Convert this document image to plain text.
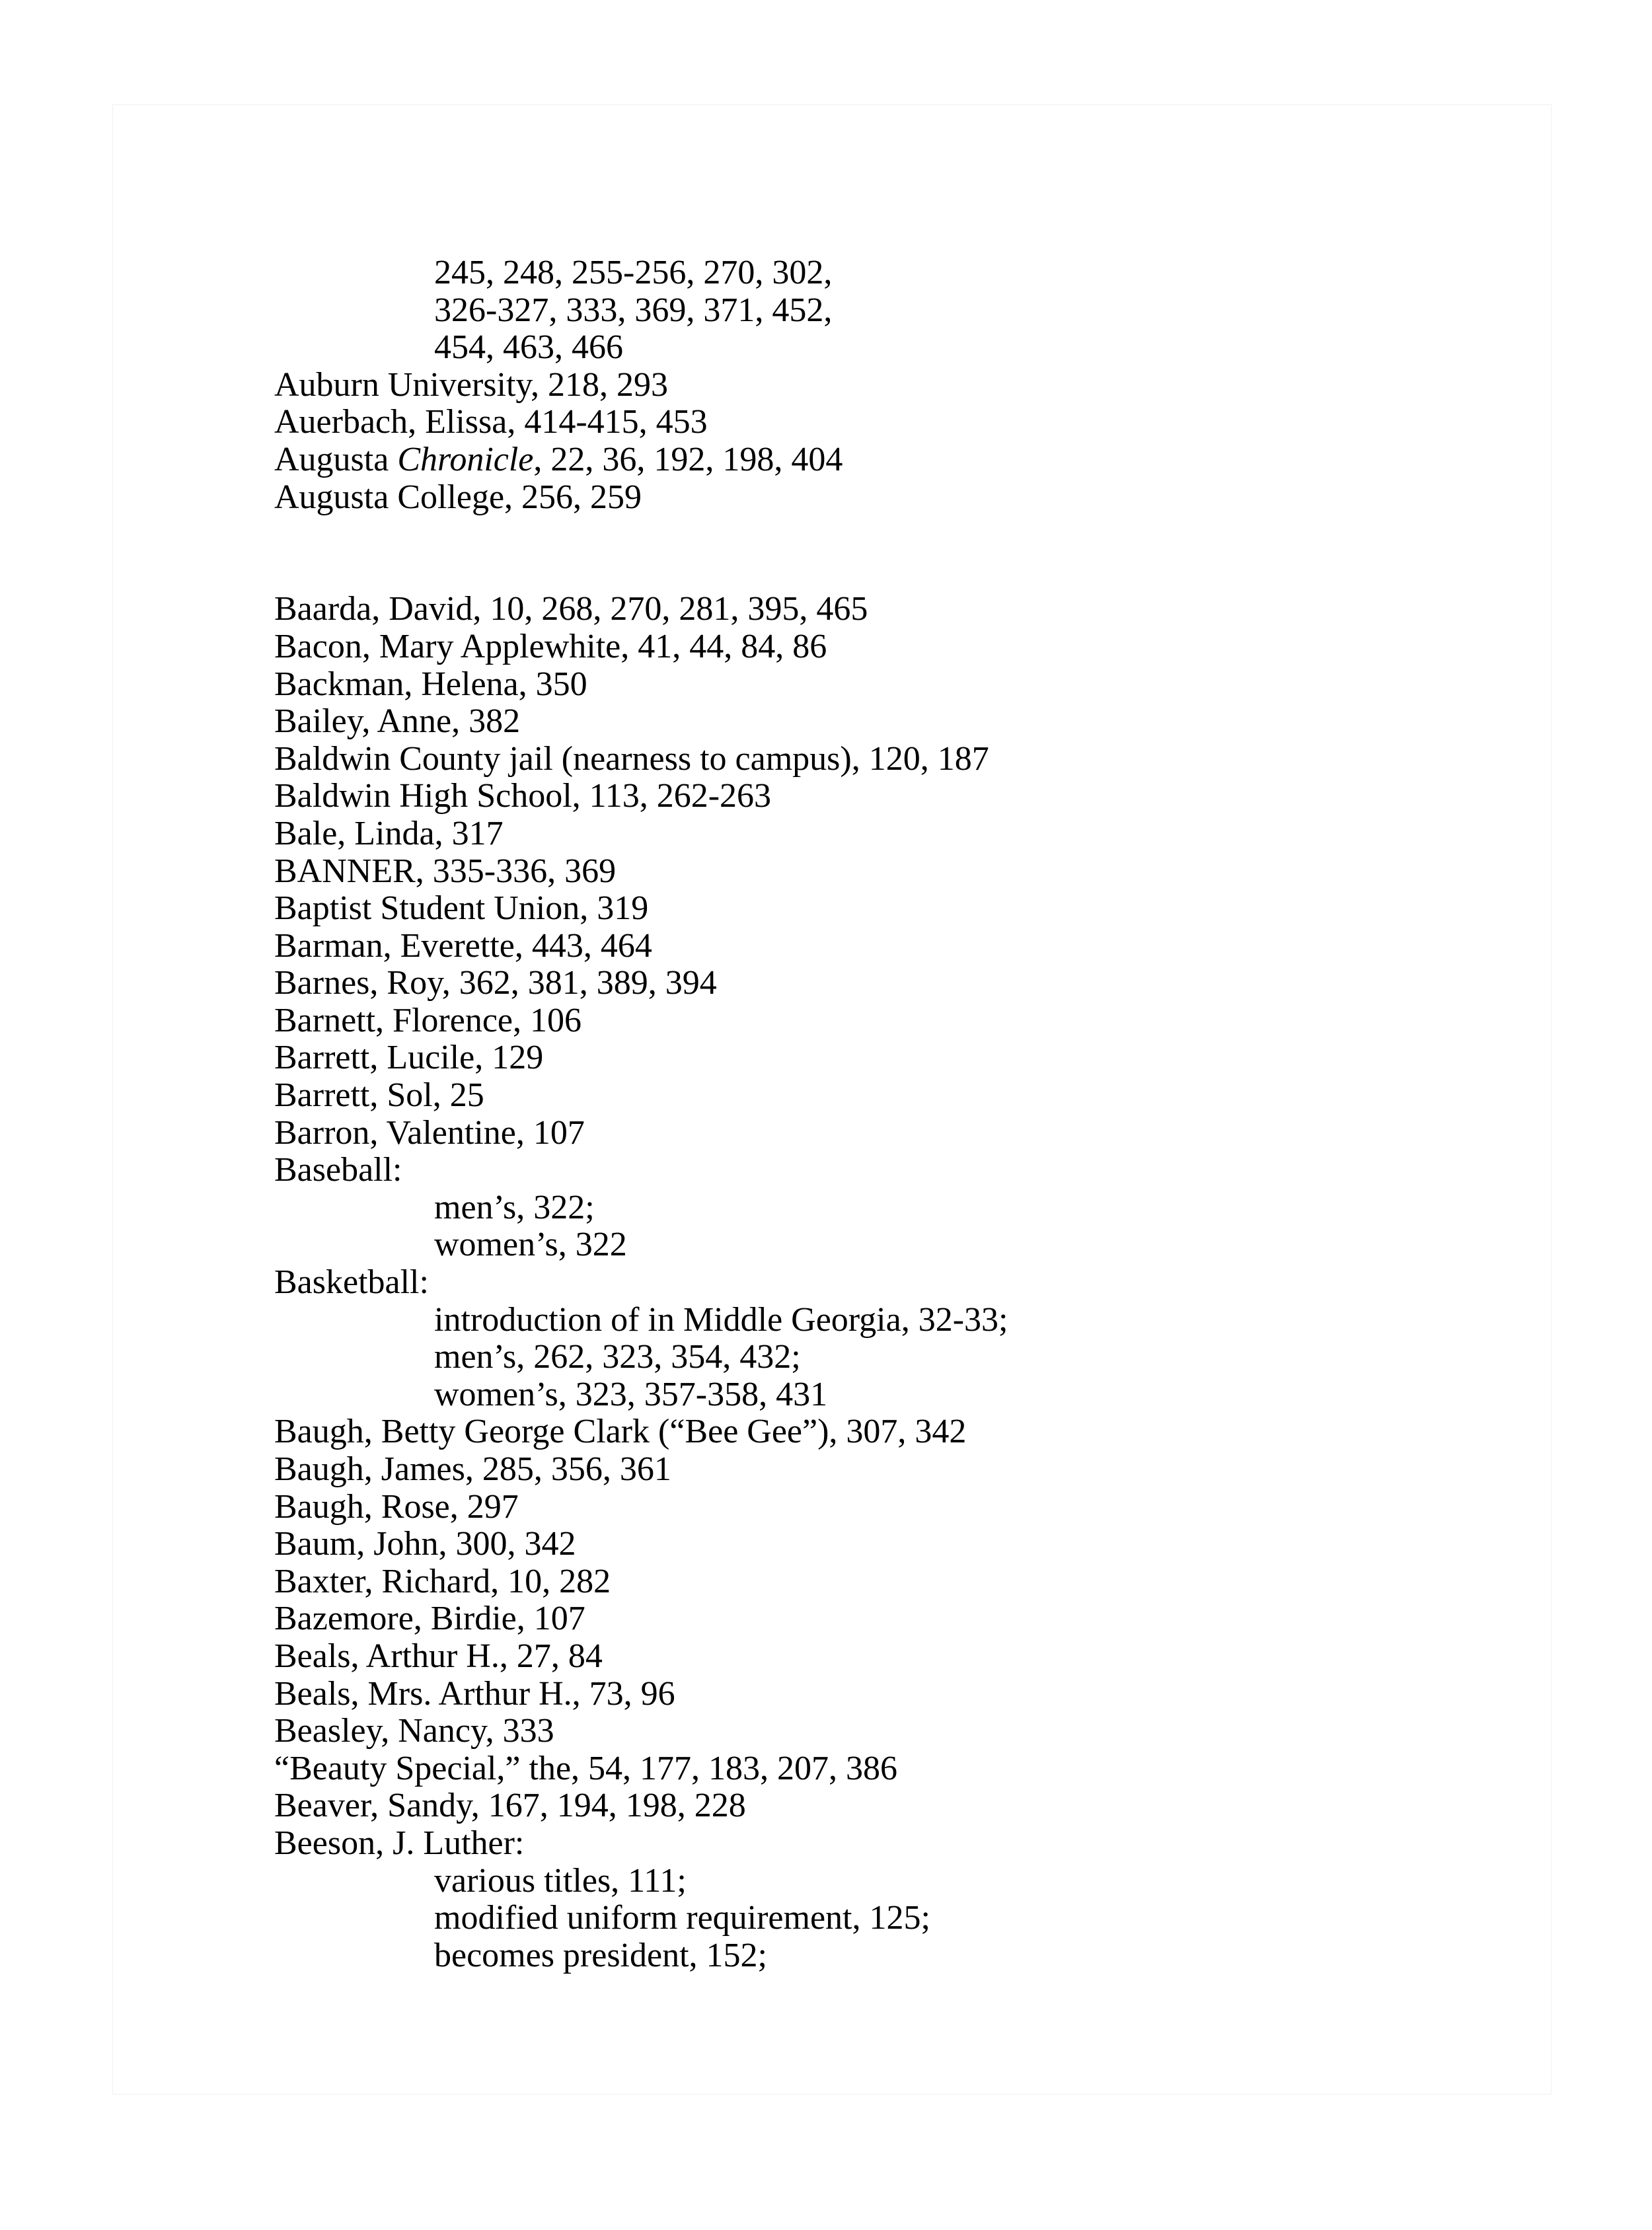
245, 248, 255-256, 270, 302,
326-327, 333, 369, 371, 452,
454, 463, 466
Auburn University, 218, 293
Auerbach, Elissa, 414-415, 453
Augusta Chronicle, 22, 36, 192, 198, 404
Augusta College, 256, 259
Baarda, David, 10, 268, 270, 281, 395, 465
Bacon, Mary Applewhite, 41, 44, 84, 86
Backman, Helena, 350
Bailey, Anne, 382
Baldwin County jail (nearness to campus), 120, 187
Baldwin High School, 113, 262-263
Bale, Linda, 317
BANNER, 335-336, 369
Baptist Student Union, 319
Barman, Everette, 443, 464
Barnes, Roy, 362, 381, 389, 394
Barnett, Florence, 106
Barrett, Lucile, 129
Barrett, Sol, 25
Barron, Valentine, 107
Baseball:
men’s, 322;
women’s, 322
Basketball:
introduction of in Middle Georgia, 32-33;
men’s, 262, 323, 354, 432;
women’s, 323, 357-358, 431
Baugh, Betty George Clark (“Bee Gee”), 307, 342
Baugh, James, 285, 356, 361
Baugh, Rose, 297
Baum, John, 300, 342
Baxter, Richard, 10, 282
Bazemore, Birdie, 107
Beals, Arthur H., 27, 84
Beals, Mrs. Arthur H., 73, 96
Beasley, Nancy, 333
“Beauty Special,” the, 54, 177, 183, 207, 386
Beaver, Sandy, 167, 194, 198, 228
Beeson, J. Luther:
various titles, 111;
modified uniform requirement, 125;
becomes president, 152;
